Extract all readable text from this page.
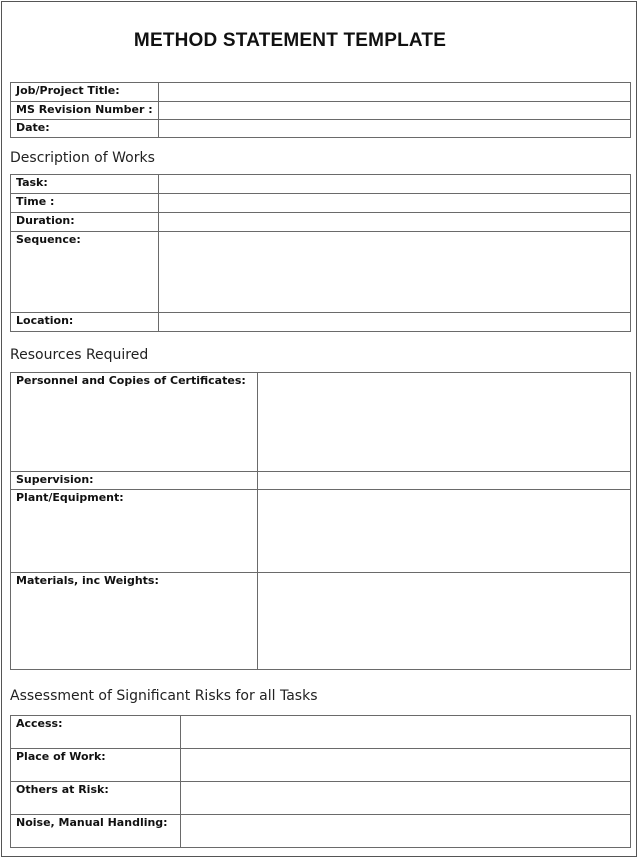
METHOD STATEMENT TEMPLATE
Job/Project Title:
MS Revision Number :
Date:
Description of Works
Task:
Time :
Duration:
Sequence:
Location:
Resources Required
Personnel and Copies of Certificates:
Supervision:
Plant/Equipment:
Materials, inc Weights:
Assessment of Significant Risks for all Tasks
Access:
Place of Work:
Others at Risk:
Noise, Manual Handling:
